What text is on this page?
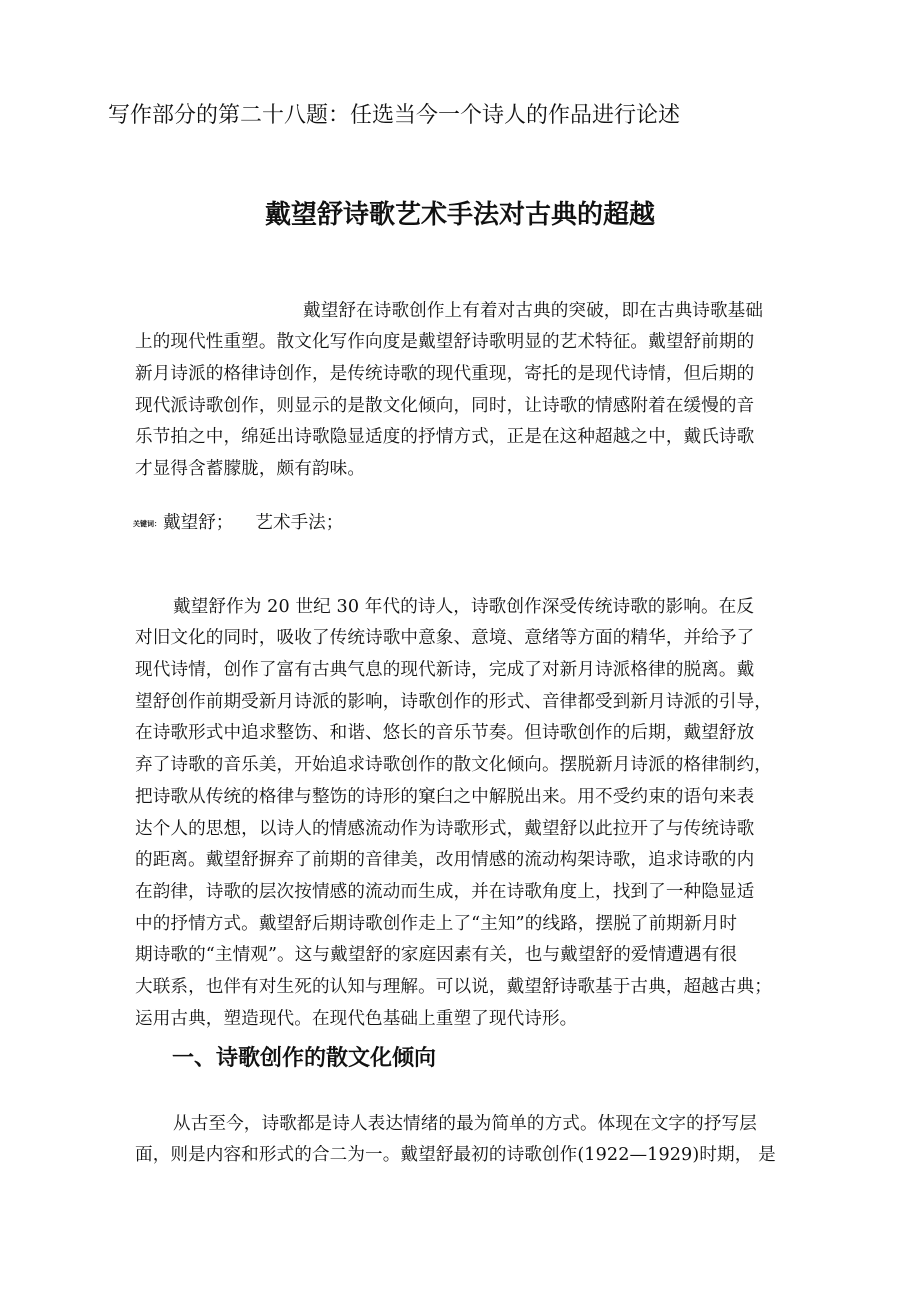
写作部分的第二十八题：任选当今一个诗人的作品进行论述
戴望舒诗歌艺术手法对古典的超越
戴望舒在诗歌创作上有着对古典的突破，即在古典诗歌基础
上的现代性重塑。散文化写作向度是戴望舒诗歌明显的艺术特征。戴望舒前期的
新月诗派的格律诗创作，是传统诗歌的现代重现，寄托的是现代诗情，但后期的
现代派诗歌创作，则显示的是散文化倾向，同时，让诗歌的情感附着在缓慢的音
乐节拍之中，绵延出诗歌隐显适度的抒情方式，正是在这种超越之中，戴氏诗歌
才显得含蓄朦胧，颇有韵味。
关键词： 戴望舒； 艺术手法；
戴望舒作为 20 世纪 30 年代的诗人，诗歌创作深受传统诗歌的影响。在反
对旧文化的同时，吸收了传统诗歌中意象、意境、意绪等方面的精华，并给予了
现代诗情，创作了富有古典气息的现代新诗，完成了对新月诗派格律的脱离。戴
望舒创作前期受新月诗派的影响，诗歌创作的形式、音律都受到新月诗派的引导，
在诗歌形式中追求整饬、和谐、悠长的音乐节奏。但诗歌创作的后期，戴望舒放
弃了诗歌的音乐美，开始追求诗歌创作的散文化倾向。摆脱新月诗派的格律制约，
把诗歌从传统的格律与整饬的诗形的窠臼之中解脱出来。用不受约束的语句来表
达个人的思想，以诗人的情感流动作为诗歌形式，戴望舒以此拉开了与传统诗歌
的距离。戴望舒摒弃了前期的音律美，改用情感的流动构架诗歌，追求诗歌的内
在韵律，诗歌的层次按情感的流动而生成，并在诗歌角度上，找到了一种隐显适
中的抒情方式。戴望舒后期诗歌创作走上了“主知”的线路，摆脱了前期新月时
期诗歌的“主情观”。这与戴望舒的家庭因素有关，也与戴望舒的爱情遭遇有很
大联系，也伴有对生死的认知与理解。可以说，戴望舒诗歌基于古典，超越古典；
运用古典，塑造现代。在现代色基础上重塑了现代诗形。
一、诗歌创作的散文化倾向
从古至今，诗歌都是诗人表达情绪的最为简单的方式。体现在文字的抒写层
面，则是内容和形式的合二为一。戴望舒最初的诗歌创作(1922—1929)时期， 是
